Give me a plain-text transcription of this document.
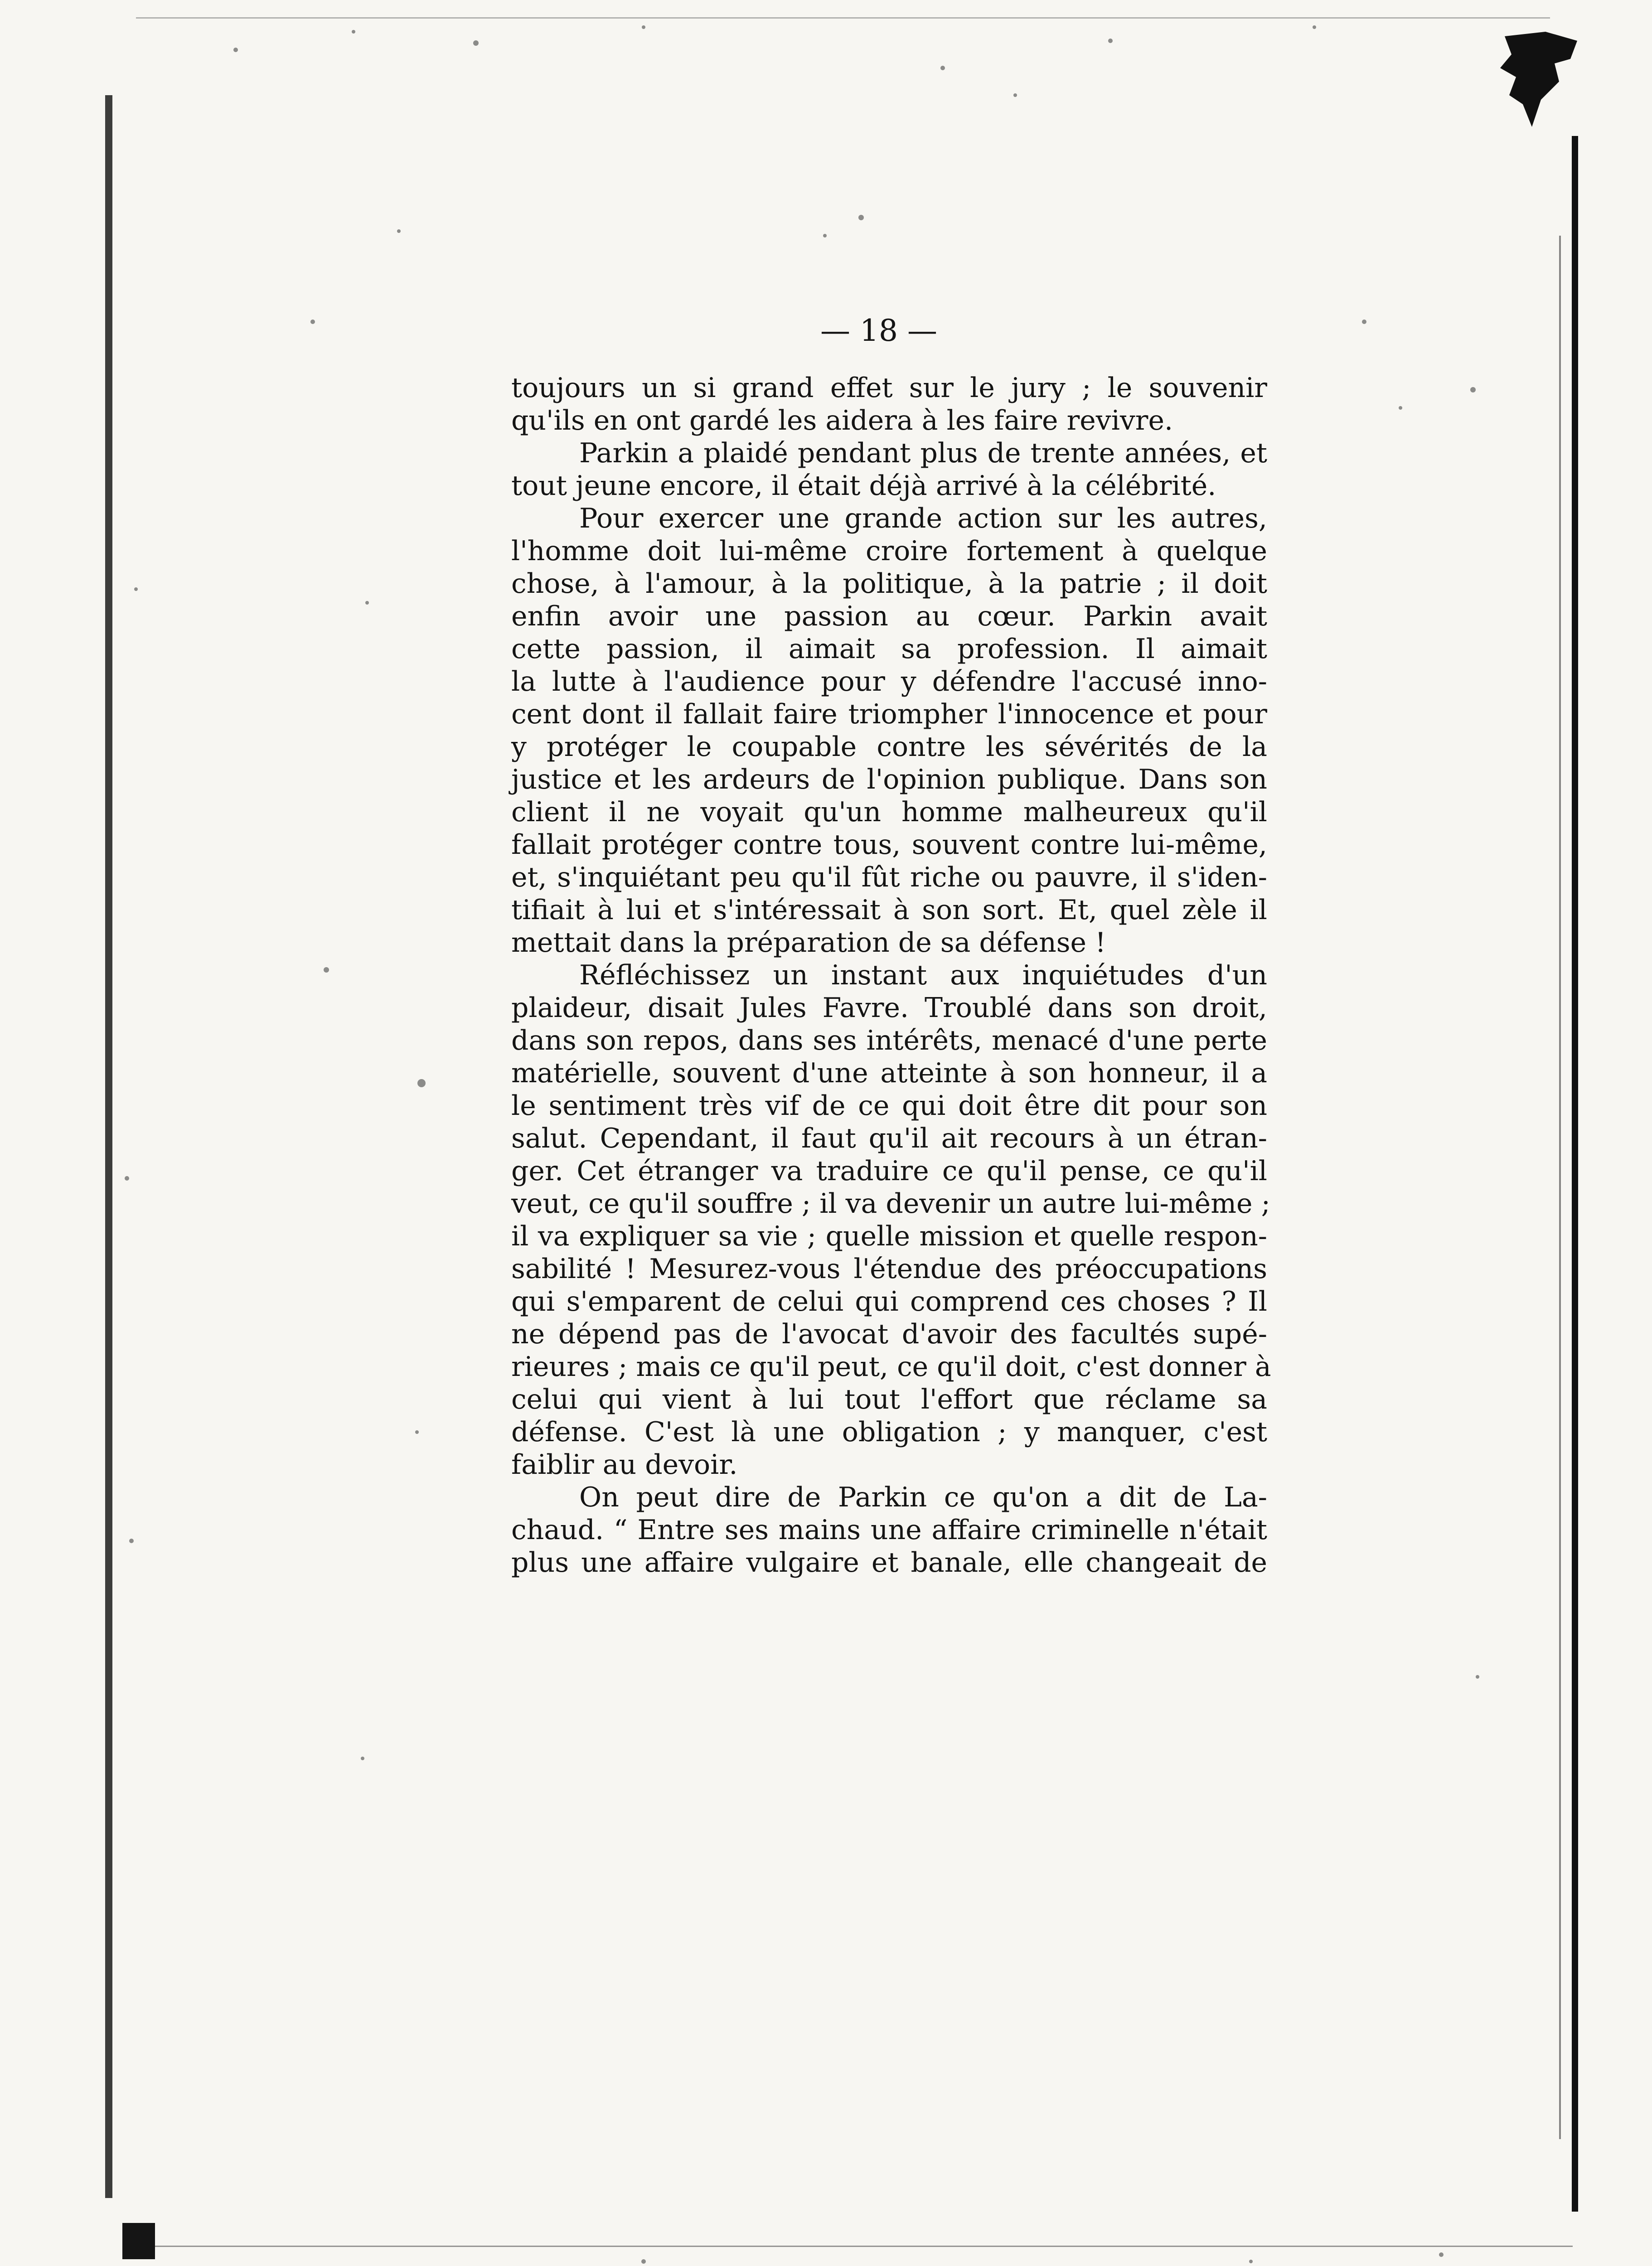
— 18 —
toujours un si grand effet sur le jury ; le souvenir
qu'ils en ont gardé les aidera à les faire revivre.
Parkin a plaidé pendant plus de trente années, et
tout jeune encore, il était déjà arrivé à la célébrité.
Pour exercer une grande action sur les autres,
l'homme doit lui-même croire fortement à quelque
chose, à l'amour, à la politique, à la patrie ; il doit
enfin avoir une passion au cœur. Parkin avait
cette passion, il aimait sa profession. Il aimait
la lutte à l'audience pour y défendre l'accusé inno-
cent dont il fallait faire triompher l'innocence et pour
y protéger le coupable contre les sévérités de la
justice et les ardeurs de l'opinion publique. Dans son
client il ne voyait qu'un homme malheureux qu'il
fallait protéger contre tous, souvent contre lui-même,
et, s'inquiétant peu qu'il fût riche ou pauvre, il s'iden-
tifiait à lui et s'intéressait à son sort. Et, quel zèle il
mettait dans la préparation de sa défense !
Réfléchissez un instant aux inquiétudes d'un
plaideur, disait Jules Favre. Troublé dans son droit,
dans son repos, dans ses intérêts, menacé d'une perte
matérielle, souvent d'une atteinte à son honneur, il a
le sentiment très vif de ce qui doit être dit pour son
salut. Cependant, il faut qu'il ait recours à un étran-
ger. Cet étranger va traduire ce qu'il pense, ce qu'il
veut, ce qu'il souffre ; il va devenir un autre lui-même ;
il va expliquer sa vie ; quelle mission et quelle respon-
sabilité ! Mesurez-vous l'étendue des préoccupations
qui s'emparent de celui qui comprend ces choses ? Il
ne dépend pas de l'avocat d'avoir des facultés supé-
rieures ; mais ce qu'il peut, ce qu'il doit, c'est donner à
celui qui vient à lui tout l'effort que réclame sa
défense. C'est là une obligation ; y manquer, c'est
faiblir au devoir.
On peut dire de Parkin ce qu'on a dit de La-
chaud. “ Entre ses mains une affaire criminelle n'était
plus une affaire vulgaire et banale, elle changeait de
